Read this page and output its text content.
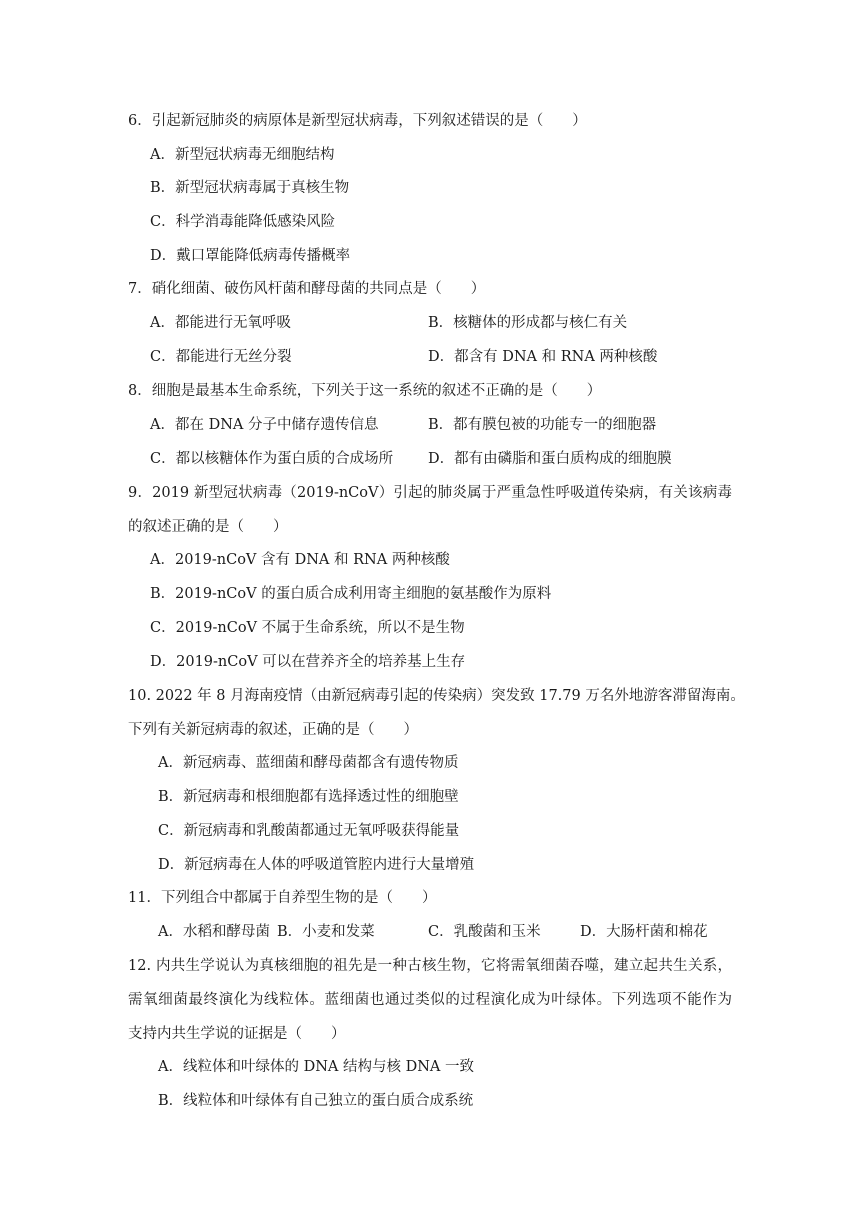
6．引起新冠肺炎的病原体是新型冠状病毒，下列叙述错误的是（　　）
A．新型冠状病毒无细胞结构
B．新型冠状病毒属于真核生物
C．科学消毒能降低感染风险
D．戴口罩能降低病毒传播概率
7．硝化细菌、破伤风杆菌和酵母菌的共同点是（　　）
A．都能进行无氧呼吸	B．核糖体的形成都与核仁有关
C．都能进行无丝分裂	D．都含有 DNA 和 RNA 两种核酸
8．细胞是最基本生命系统，下列关于这一系统的叙述不正确的是（　　）
A．都在 DNA 分子中储存遗传信息	B．都有膜包被的功能专一的细胞器
C．都以核糖体作为蛋白质的合成场所 D．都有由磷脂和蛋白质构成的细胞膜
9．2019 新型冠状病毒（2019-nCoV）引起的肺炎属于严重急性呼吸道传染病，有关该病毒
的叙述正确的是（　　）
A．2019-nCoV 含有 DNA 和 RNA 两种核酸
B．2019-nCoV 的蛋白质合成利用寄主细胞的氨基酸作为原料
C．2019-nCoV 不属于生命系统，所以不是生物
D．2019-nCoV 可以在营养齐全的培养基上生存
10. 2022 年 8 月海南疫情（由新冠病毒引起的传染病）突发致 17.79 万名外地游客滞留海南。
下列有关新冠病毒的叙述，正确的是（　　）
A．新冠病毒、蓝细菌和酵母菌都含有遗传物质
B．新冠病毒和根细胞都有选择透过性的细胞壁
C．新冠病毒和乳酸菌都通过无氧呼吸获得能量
D．新冠病毒在人体的呼吸道管腔内进行大量增殖
11．下列组合中都属于自养型生物的是（　　）
A．水稻和酵母菌 B．小麦和发菜	C．乳酸菌和玉米	D．大肠杆菌和棉花
12. 内共生学说认为真核细胞的祖先是一种古核生物，它将需氧细菌吞噬，建立起共生关系，
需氧细菌最终演化为线粒体。蓝细菌也通过类似的过程演化成为叶绿体。下列选项不能作为
支持内共生学说的证据是（　　）
A．线粒体和叶绿体的 DNA 结构与核 DNA 一致
B．线粒体和叶绿体有自己独立的蛋白质合成系统
